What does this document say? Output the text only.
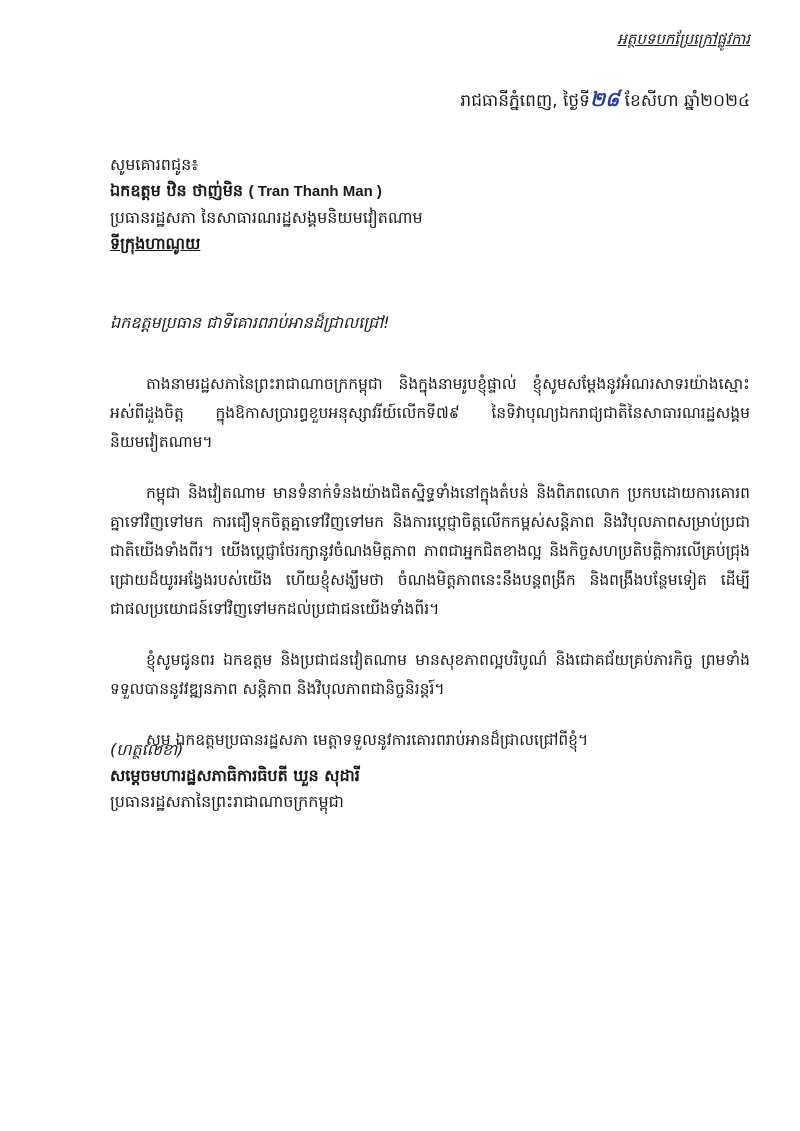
អត្ថបទបកប្រែក្រៅផ្លូវការ
រាជធានីភ្នំពេញ, ថ្ងៃទី២៨ ខែសីហា ឆ្នាំ២០២៤
សូមគោរពជូន៖
ឯកឧត្តម ឋិន ថាញ់មិន ( Tran Thanh Man )
ប្រធានរដ្ឋសភា នៃសាធារណរដ្ឋសង្គមនិយមវៀតណាម
ទីក្រុងហាណូយ
ឯកឧត្តមប្រធាន ជាទីគោរពរាប់អានដ៏ជ្រាលជ្រៅ!

តាងនាមរដ្ឋសភានៃព្រះរាជាណាចក្រកម្ពុជា និងក្នុងនាមរូបខ្ញុំផ្ទាល់ ខ្ញុំសូមសម្តែងនូវអំណរសាទរយ៉ាងស្មោះអស់ពីដួងចិត្ត ក្នុងឱកាសប្រារព្ធខួបអនុស្សាវរីយ៍លើកទី៧៩ នៃទិវាបុណ្យឯករាជ្យជាតិនៃសាធារណរដ្ឋសង្គមនិយមវៀតណាម។

កម្ពុជា និងវៀតណាម មានទំនាក់ទំនងយ៉ាងជិតស្និទ្ធទាំងនៅក្នុងតំបន់ និងពិភពលោក ប្រកបដោយការគោរពគ្នាទៅវិញទៅមក ការជឿទុកចិត្តគ្នាទៅវិញទៅមក និងការប្តេជ្ញាចិត្តលើកកម្ពស់សន្តិភាព និងវិបុលភាពសម្រាប់ប្រជាជាតិយើងទាំងពីរ។ យើងប្តេជ្ញាថែរក្សានូវចំណងមិត្តភាព ភាពជាអ្នកជិតខាងល្អ និងកិច្ចសហប្រតិបត្តិការលើគ្រប់ជ្រុងជ្រោយដ៏យូរអង្វែងរបស់យើង ហើយខ្ញុំសង្ឃឹមថា ចំណងមិត្តភាពនេះនឹងបន្តពង្រីក និងពង្រឹងបន្ថែមទៀត ដើម្បីជាផលប្រយោជន៍ទៅវិញទៅមកដល់ប្រជាជនយើងទាំងពីរ។

ខ្ញុំសូមជូនពរ ឯកឧត្តម និងប្រជាជនវៀតណាម មានសុខភាពល្អបរិបូណ៌ និងជោគជ័យគ្រប់ភារកិច្ច ព្រមទាំងទទួលបាននូវវឌ្ឍនភាព សន្តិភាព និងវិបុលភាពជានិច្ចនិរន្តរ៍។

សូម ឯកឧត្តមប្រធានរដ្ឋសភា មេត្តាទទួលនូវការគោរពរាប់អានដ៏ជ្រាលជ្រៅពីខ្ញុំ។

(ហត្ថលេខា)
សម្តេចមហារដ្ឋសភាធិការធិបតី ឃួន សុដារី
ប្រធានរដ្ឋសភានៃព្រះរាជាណាចក្រកម្ពុជា
